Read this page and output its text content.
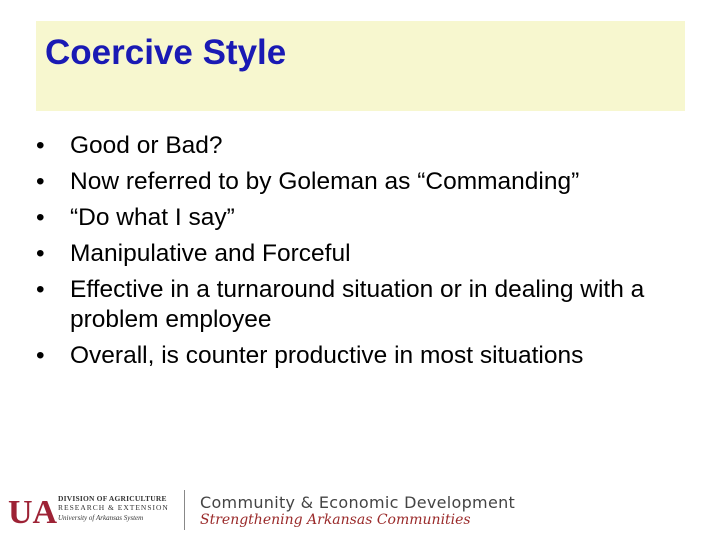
Coercive Style
•	Good or Bad?
•	Now referred to by Goleman as “Commanding”
•	“Do what I say”
•	Manipulative and Forceful
•	Effective in a turnaround situation or in dealing with a problem employee
•	Overall, is counter productive in most situations
UA DIVISION OF AGRICULTURE
RESEARCH & EXTENSION
University of Arkansas System
Community & Economic Development
Strengthening Arkansas Communities
